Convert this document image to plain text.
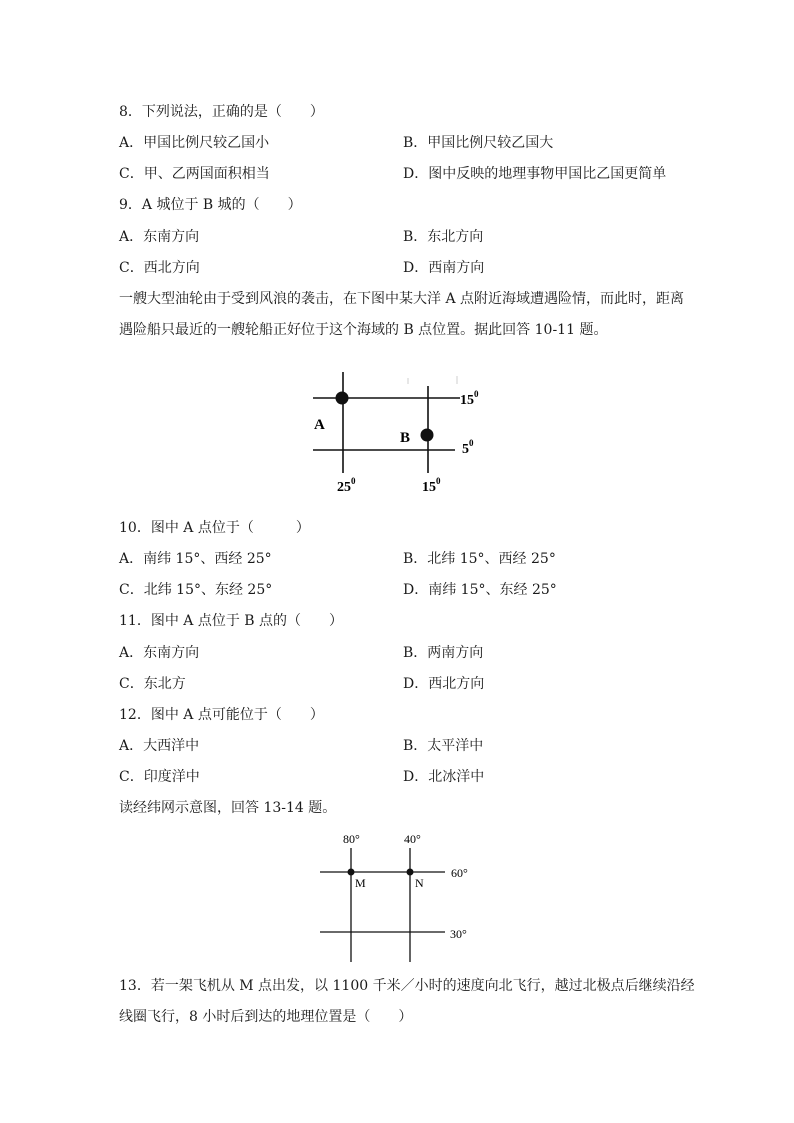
8．下列说法，正确的是（　　）
A．甲国比例尺较乙国小	B．甲国比例尺较乙国大
C．甲、乙两国面积相当	D．图中反映的地理事物甲国比乙国更简单
9．A 城位于 B 城的（　　）
A．东南方向	B．东北方向
C．西北方向	D．西南方向
一艘大型油轮由于受到风浪的袭击，在下图中某大洋 A 点附近海域遭遇险情，而此时，距离
遇险船只最近的一艘轮船正好位于这个海域的 B 点位置。据此回答 10-11 题。
A
B
$15^0$
$5^0$
$25^0$	$15^0$
10．图中 A 点位于（　　　）
A．南纬 15°、西经 25°	B．北纬 15°、西经 25°
C．北纬 15°、东经 25°	D．南纬 15°、东经 25°
11．图中 A 点位于 B 点的（　　）
A．东南方向	B．两南方向
C．东北方	D．西北方向
12．图中 A 点可能位于（　　）
A．大西洋中	B．太平洋中
C．印度洋中	D．北冰洋中
读经纬网示意图，回答 13-14 题。
80°	40°
60°
30°
M	N
13．若一架飞机从 M 点出发，以 1100 千米／小时的速度向北飞行，越过北极点后继续沿经
线圈飞行，8 小时后到达的地理位置是（　　）
